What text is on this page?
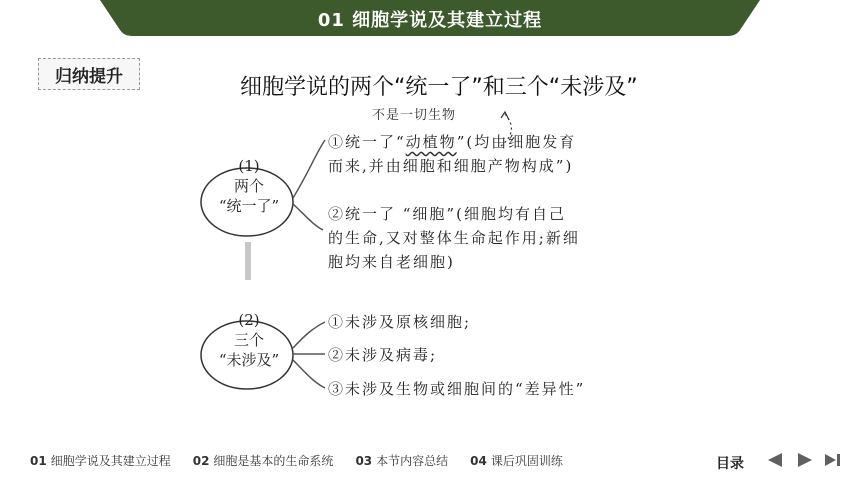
01 细胞学说及其建立过程
归纳提升	细胞学说的两个“统一了”和三个“未涉及”
不是一切生物
(1)
两个
“统一了”
(2)
三个
“未涉及”
①统一了“动植物”(均由细胞发育
而来,并由细胞和细胞产物构成”)
②统一了 “细胞”(细胞均有自己
的生命,又对整体生命起作用;新细
胞均来自老细胞)
①未涉及原核细胞;
②未涉及病毒;
③未涉及生物或细胞间的“差异性”
01 细胞学说及其建立过程 02 细胞是基本的生命系统 03 本节内容总结 04 课后巩固训练	目录
